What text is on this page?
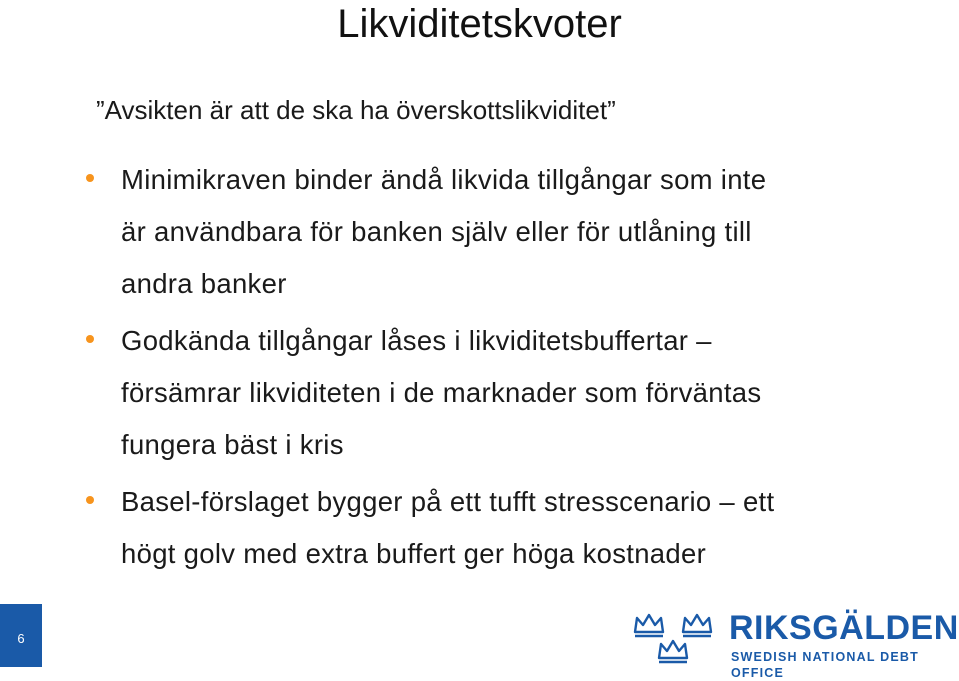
Likviditetskvoter
”Avsikten är att de ska ha överskottslikviditet”
Minimikraven binder ändå likvida tillgångar som inte
är användbara för banken själv eller för utlåning till
andra banker
Godkända tillgångar låses i likviditetsbuffertar –
försämrar likviditeten i de marknader som förväntas
fungera bäst i kris
Basel-förslaget bygger på ett tufft stresscenario – ett
högt golv med extra buffert ger höga kostnader
6	RIKSGÄLDEN
SWEDISH NATIONAL DEBT OFFICE
